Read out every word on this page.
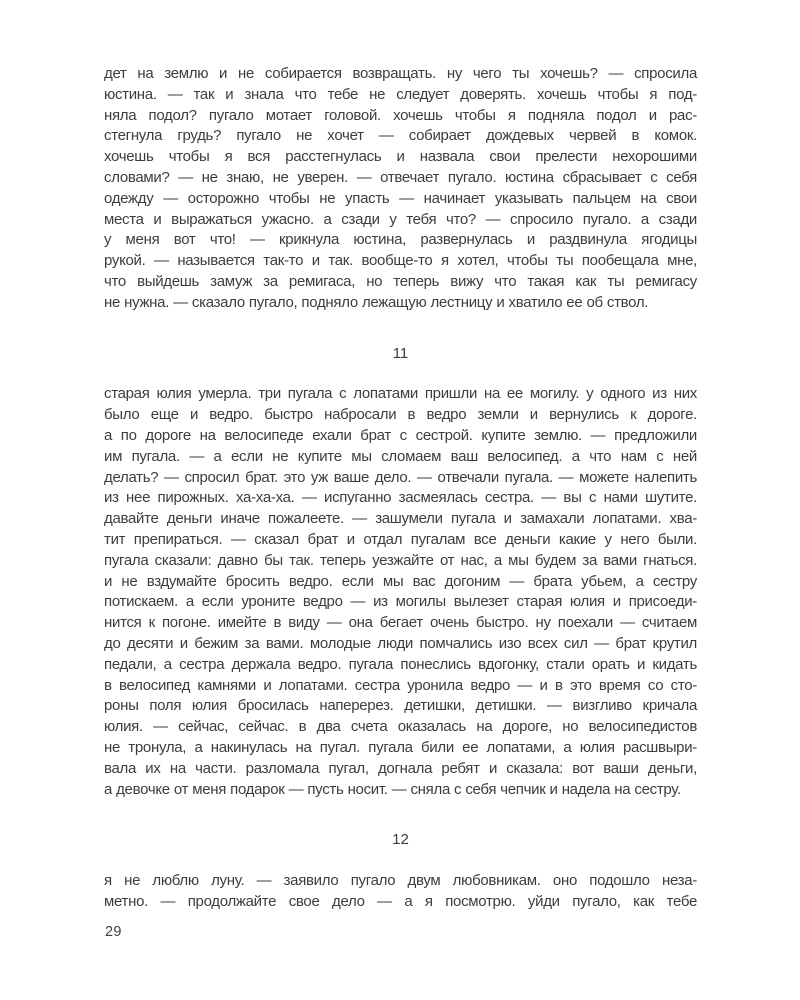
дет на землю и не собирается возвращать. ну чего ты хочешь? — спросила
юстина. — так и знала что тебе не следует доверять. хочешь чтобы я под-
няла подол? пугало мотает головой. хочешь чтобы я подняла подол и рас-
стегнула грудь? пугало не хочет — собирает дождевых червей в комок.
хочешь чтобы я вся расстегнулась и назвала свои прелести нехорошими
словами? — не знаю, не уверен. — отвечает пугало. юстина сбрасывает с себя
одежду — осторожно чтобы не упасть — начинает указывать пальцем на свои
места и выражаться ужасно. а сзади у тебя что? — спросило пугало. а сзади
у меня вот что! — крикнула юстина, развернулась и раздвинула ягодицы
рукой. — называется так-то и так. вообще-то я хотел, чтобы ты пообещала мне,
что выйдешь замуж за ремигаса, но теперь вижу что такая как ты ремигасу
не нужна. — сказало пугало, подняло лежащую лестницу и хватило ее об ствол.
11
старая юлия умерла. три пугала с лопатами пришли на ее могилу. у одного из них
было еще и ведро. быстро набросали в ведро земли и вернулись к дороге.
а по дороге на велосипеде ехали брат с сестрой. купите землю. — предложили
им пугала. — а если не купите мы сломаем ваш велосипед. а что нам с ней
делать? — спросил брат. это уж ваше дело. — отвечали пугала. — можете налепить
из нее пирожных. ха-ха-ха. — испуганно засмеялась сестра. — вы с нами шутите.
давайте деньги иначе пожалеете. — зашумели пугала и замахали лопатами. хва-
тит препираться. — сказал брат и отдал пугалам все деньги какие у него были.
пугала сказали: давно бы так. теперь уезжайте от нас, а мы будем за вами гнаться.
и не вздумайте бросить ведро. если мы вас догоним — брата убьем, а сестру
потискаем. а если уроните ведро — из могилы вылезет старая юлия и присоеди-
нится к погоне. имейте в виду — она бегает очень быстро. ну поехали — считаем
до десяти и бежим за вами. молодые люди помчались изо всех сил — брат крутил
педали, а сестра держала ведро. пугала понеслись вдогонку, стали орать и кидать
в велосипед камнями и лопатами. сестра уронила ведро — и в это время со сто-
роны поля юлия бросилась наперерез. детишки, детишки. — визгливо кричала
юлия. — сейчас, сейчас. в два счета оказалась на дороге, но велосипедистов
не тронула, а накинулась на пугал. пугала били ее лопатами, а юлия расшвыри-
вала их на части. разломала пугал, догнала ребят и сказала: вот ваши деньги,
а девочке от меня подарок — пусть носит. — сняла с себя чепчик и надела на сестру.
12
я не люблю луну. — заявило пугало двум любовникам. оно подошло неза-
метно. — продолжайте свое дело — а я посмотрю. уйди пугало, как тебе
29
